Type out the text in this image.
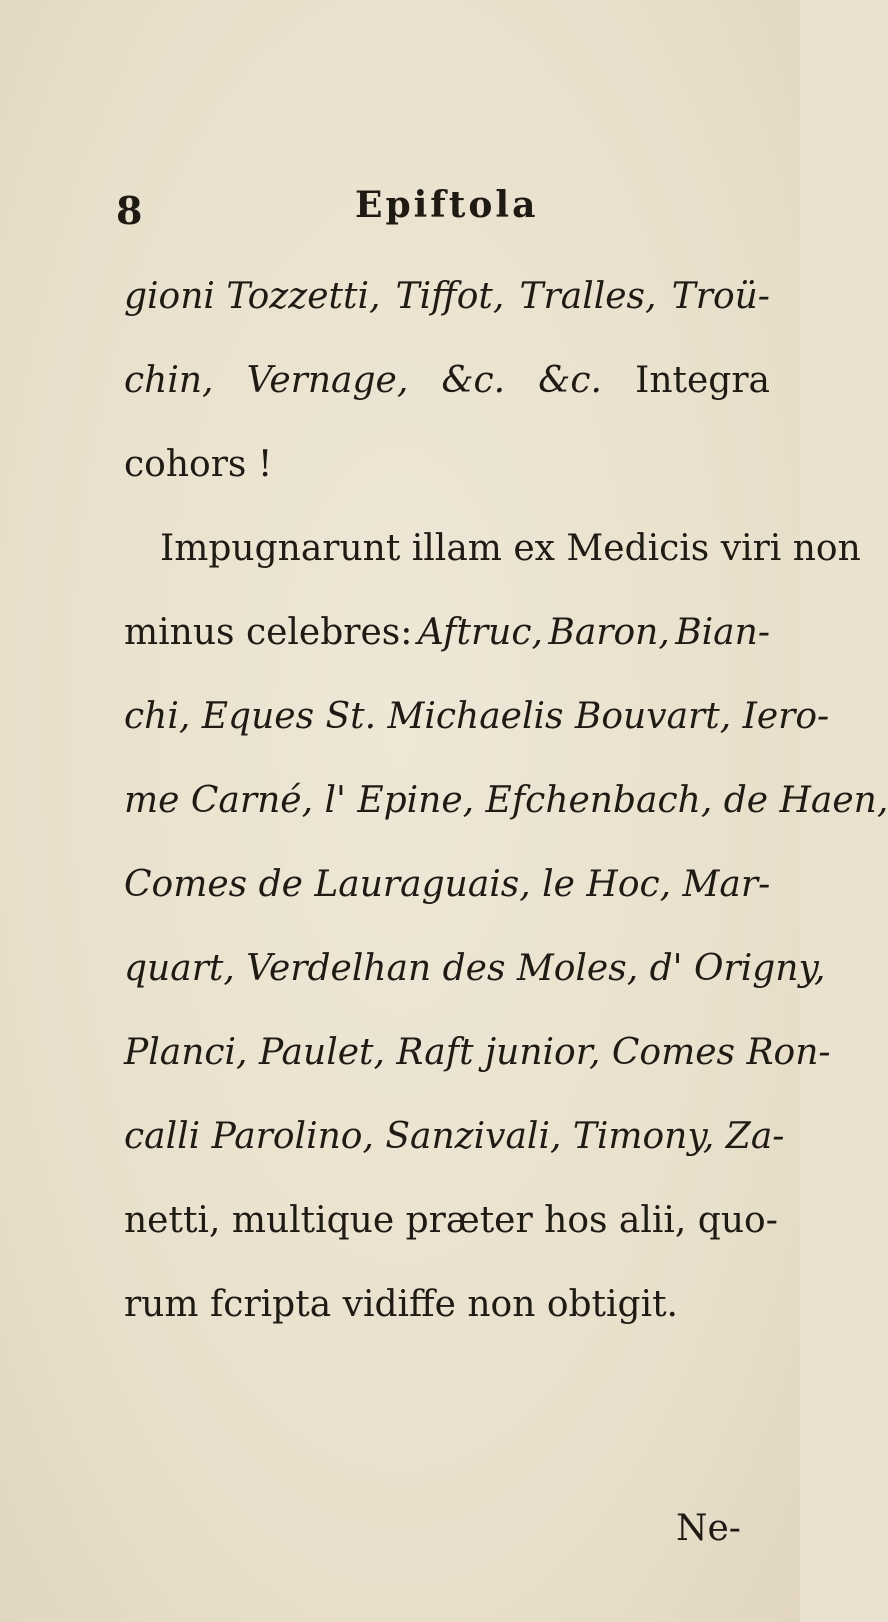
8	Epiftola
gioni Tozzetti, Tiffot, Tralles, Troü-
chin, Vernage, &c. &c. Integra
cohors !
Impugnarunt illam ex Medicis viri non
minus celebres: Aftruc, Baron, Bian-
chi, Eques St. Michaelis Bouvart, Iero-
me Carné, l' Epine, Efchenbach, de Haen,
Comes de Lauraguais, le Hoc, Mar-
quart, Verdelhan des Moles, d' Origny,
Planci, Paulet, Raft junior, Comes Ron-
calli Parolino, Sanzivali, Timony, Za-
netti, multique præter hos alii, quo-
rum fcripta vidiffe non obtigit.
Ne-
